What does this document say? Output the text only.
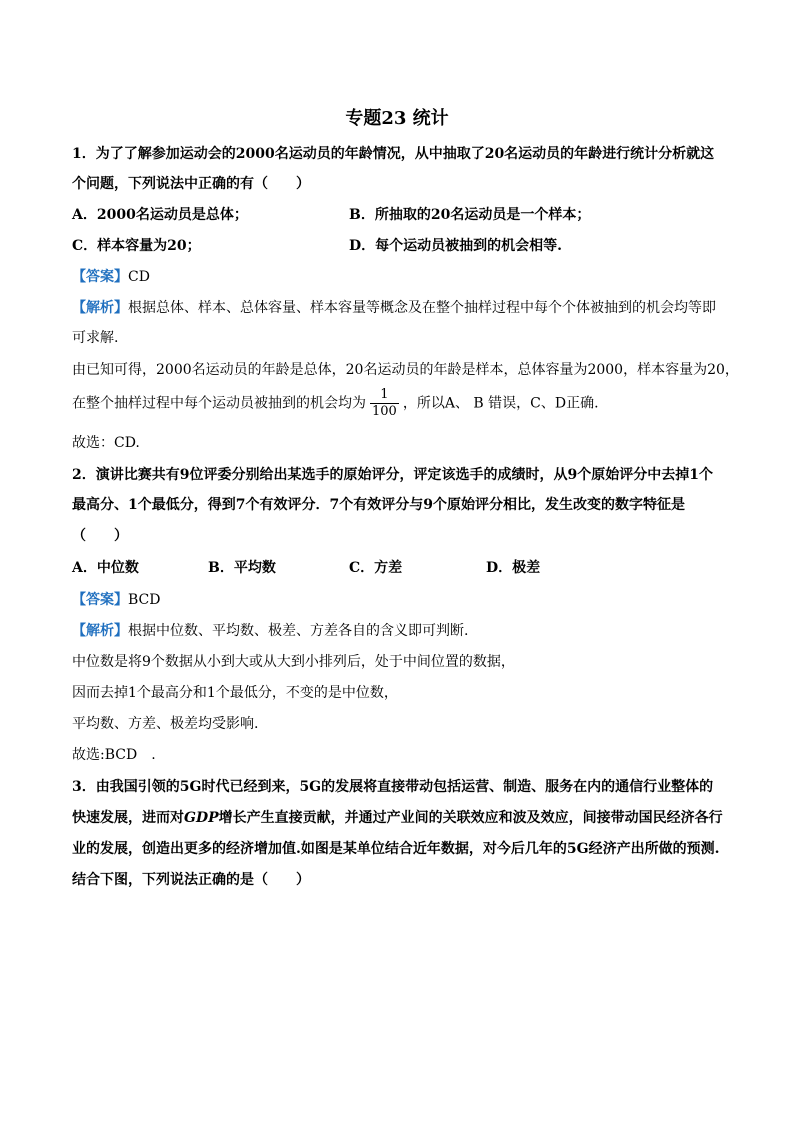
专题23 统计
1．为了了解参加运动会的2000名运动员的年龄情况，从中抽取了20名运动员的年龄进行统计分析就这
个问题，下列说法中正确的有（　　）
A．2000名运动员是总体；	B．所抽取的20名运动员是一个样本；
C．样本容量为20；	D．每个运动员被抽到的机会相等.
【答案】CD
【解析】根据总体、样本、总体容量、样本容量等概念及在整个抽样过程中每个个体被抽到的机会均等即
可求解.
由已知可得，2000名运动员的年龄是总体，20名运动员的年龄是样本，总体容量为2000，样本容量为20，
在整个抽样过程中每个运动员被抽到的机会均为 $\frac{1}{100}$ ，所以A、 B 错误，C、D正确.
故选：CD.
2．演讲比赛共有9位评委分别给出某选手的原始评分，评定该选手的成绩时，从9个原始评分中去掉1个
最高分、1个最低分，得到7个有效评分．7个有效评分与9个原始评分相比，发生改变的数字特征是
（　　）
A．中位数	B．平均数	C．方差	D．极差
【答案】BCD
【解析】根据中位数、平均数、极差、方差各自的含义即可判断.
中位数是将9个数据从小到大或从大到小排列后，处于中间位置的数据，
因而去掉1个最高分和1个最低分，不变的是中位数，
平均数、方差、极差均受影响.
故选:BCD　.
3．由我国引领的5G时代已经到来，5G的发展将直接带动包括运营、制造、服务在内的通信行业整体的
快速发展，进而对GDP增长产生直接贡献，并通过产业间的关联效应和波及效应，间接带动国民经济各行
业的发展，创造出更多的经济增加值.如图是某单位结合近年数据，对今后几年的5G经济产出所做的预测.
结合下图，下列说法正确的是（　　）
